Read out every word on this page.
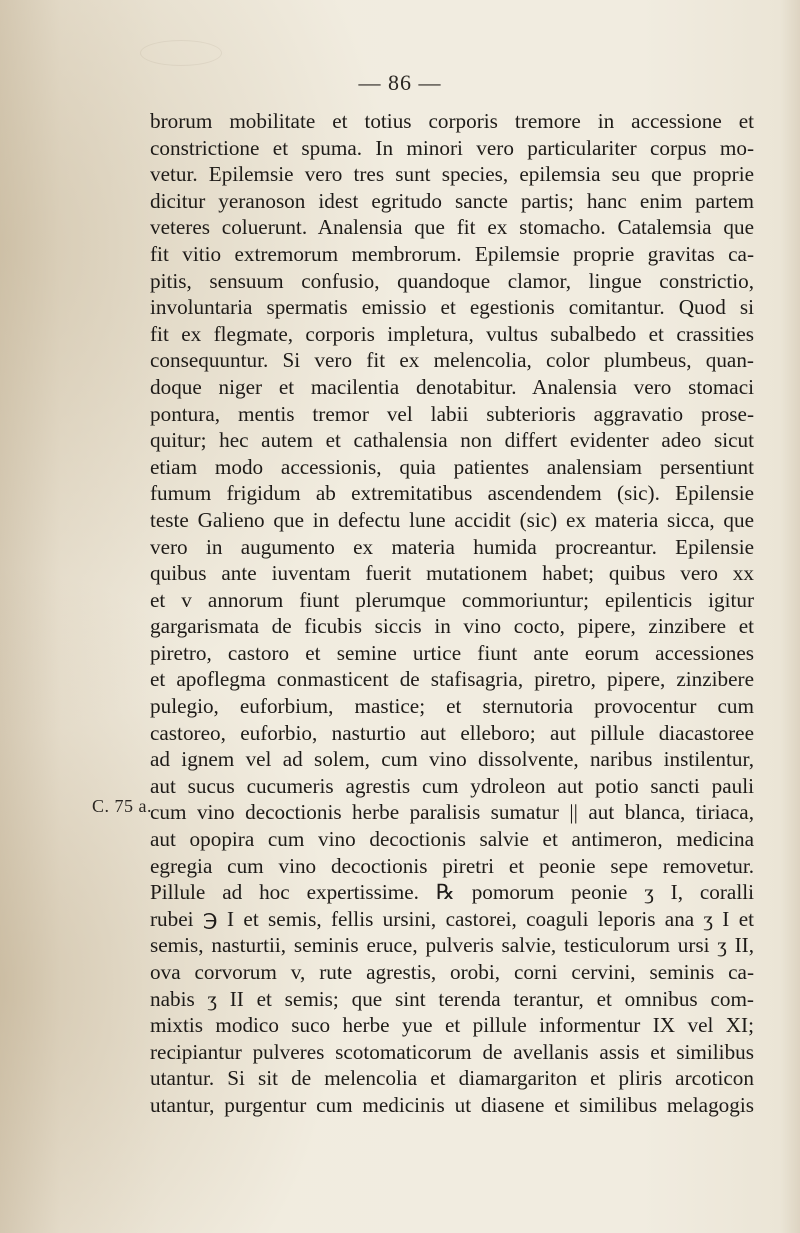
— 86 —
C. 75 a.
brorum mobilitate et totius corporis tremore in accessione et
constrictione et spuma. In minori vero particulariter corpus mo-
vetur. Epilemsie vero tres sunt species, epilemsia seu que proprie
dicitur yeranoson idest egritudo sancte partis; hanc enim partem
veteres coluerunt. Analensia que fit ex stomacho. Catalemsia que
fit vitio extremorum membrorum. Epilemsie proprie gravitas ca-
pitis, sensuum confusio, quandoque clamor, lingue constrictio,
involuntaria spermatis emissio et egestionis comitantur. Quod si
fit ex flegmate, corporis impletura, vultus subalbedo et crassities
consequuntur. Si vero fit ex melencolia, color plumbeus, quan-
doque niger et macilentia denotabitur. Analensia vero stomaci
pontura, mentis tremor vel labii subterioris aggravatio prose-
quitur; hec autem et cathalensia non differt evidenter adeo sicut
etiam modo accessionis, quia patientes analensiam persentiunt
fumum frigidum ab extremitatibus ascendendem (sic). Epilensie
teste Galieno que in defectu lune accidit (sic) ex materia sicca, que
vero in augumento ex materia humida procreantur. Epilensie
quibus ante iuventam fuerit mutationem habet; quibus vero xx
et v annorum fiunt plerumque commoriuntur; epilenticis igitur
gargarismata de ficubis siccis in vino cocto, pipere, zinzibere et
piretro, castoro et semine urtice fiunt ante eorum accessiones
et apoflegma conmasticent de stafisagria, piretro, pipere, zinzibere
pulegio, euforbium, mastice; et sternutoria provocentur cum
castoreo, euforbio, nasturtio aut elleboro; aut pillule diacastoree
ad ignem vel ad solem, cum vino dissolvente, naribus instilentur,
aut sucus cucumeris agrestis cum ydroleon aut potio sancti pauli
cum vino decoctionis herbe paralisis sumatur || aut blanca, tiriaca,
aut opopira cum vino decoctionis salvie et antimeron, medicina
egregia cum vino decoctionis piretri et peonie sepe removetur.
Pillule ad hoc expertissime. ℞ pomorum peonie ʒ I, coralli
rubei ℈ I et semis, fellis ursini, castorei, coaguli leporis ana ʒ I et
semis, nasturtii, seminis eruce, pulveris salvie, testiculorum ursi ʒ II,
ova corvorum v, rute agrestis, orobi, corni cervini, seminis ca-
nabis ʒ II et semis; que sint terenda terantur, et omnibus com-
mixtis modico suco herbe yue et pillule informentur IX vel XI;
recipiantur pulveres scotomaticorum de avellanis assis et similibus
utantur. Si sit de melencolia et diamargariton et pliris arcoticon
utantur, purgentur cum medicinis ut diasene et similibus melagogis
